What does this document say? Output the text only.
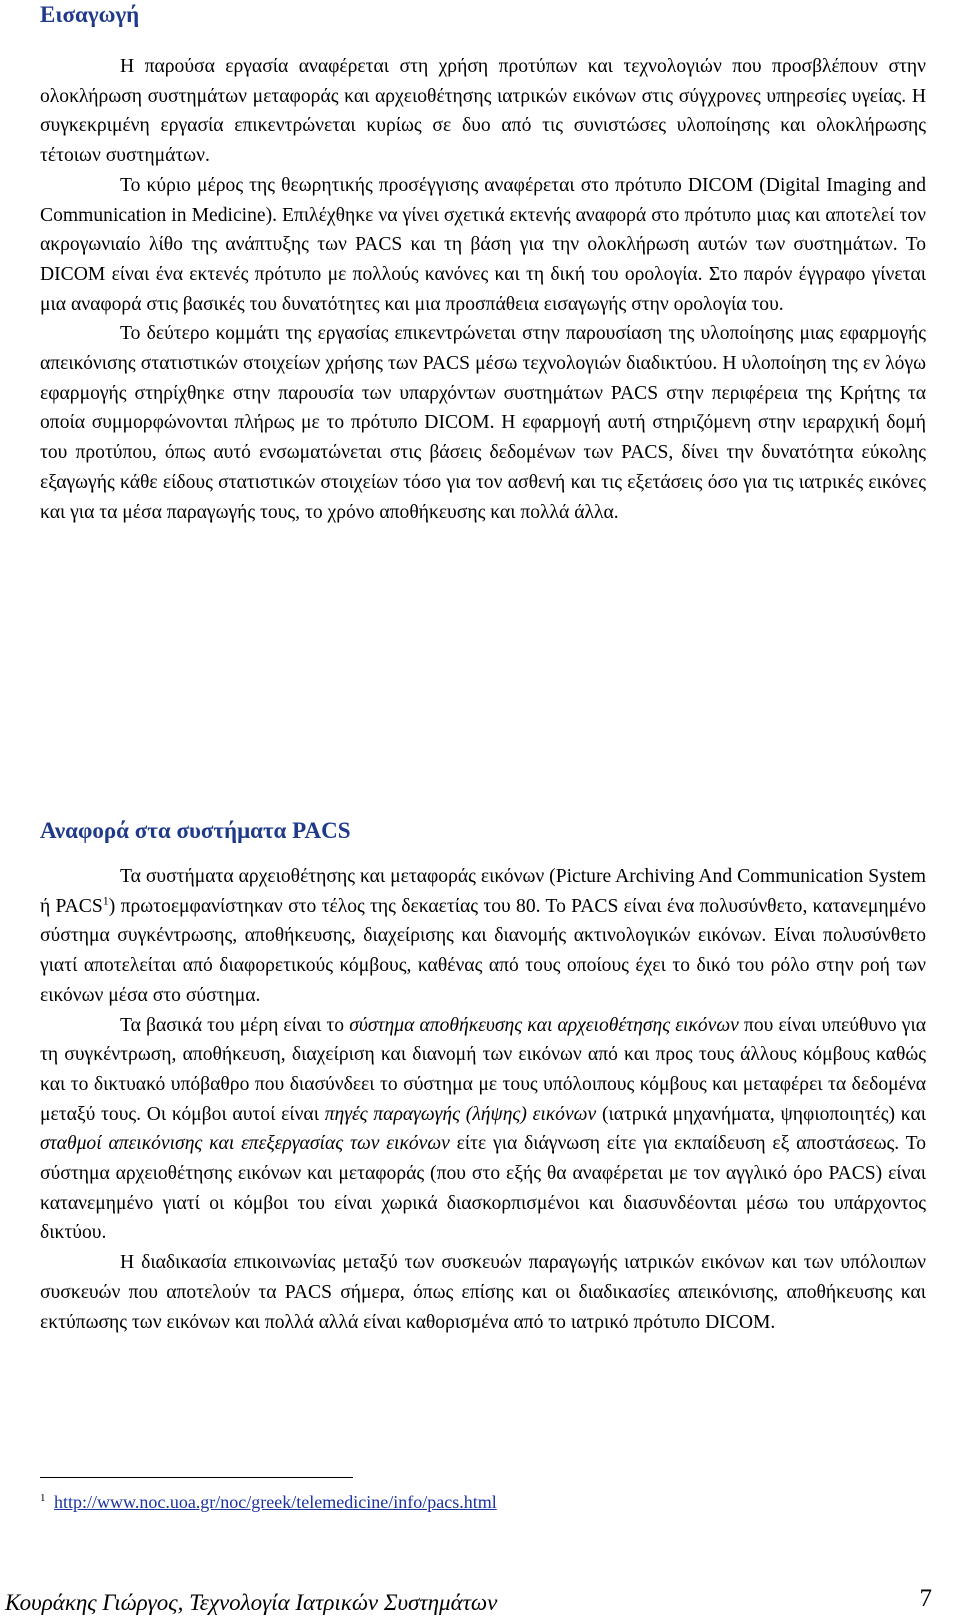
Εισαγωγή

Η παρούσα εργασία αναφέρεται στη χρήση προτύπων και τεχνολογιών που προσβλέπουν στην ολοκλήρωση συστημάτων μεταφοράς και αρχειοθέτησης ιατρικών εικόνων στις σύγχρονες υπηρεσίες υγείας. Η συγκεκριμένη εργασία επικεντρώνεται κυρίως σε δυο από τις συνιστώσες υλοποίησης και ολοκλήρωσης τέτοιων συστημάτων.

Το κύριο μέρος της θεωρητικής προσέγγισης αναφέρεται στο πρότυπο DICOM (Digital Imaging and Communication in Medicine). Επιλέχθηκε να γίνει σχετικά εκτενής αναφορά στο πρότυπο μιας και αποτελεί τον ακρογωνιαίο λίθο της ανάπτυξης των PACS και τη βάση για την ολοκλήρωση αυτών των συστημάτων. Το DICOM είναι ένα εκτενές πρότυπο με πολλούς κανόνες και τη δική του ορολογία. Στο παρόν έγγραφο γίνεται μια αναφορά στις βασικές του δυνατότητες και μια προσπάθεια εισαγωγής στην ορολογία του.

Το δεύτερο κομμάτι της εργασίας επικεντρώνεται στην παρουσίαση της υλοποίησης μιας εφαρμογής απεικόνισης στατιστικών στοιχείων χρήσης των PACS μέσω τεχνολογιών διαδικτύου. Η υλοποίηση της εν λόγω εφαρμογής στηρίχθηκε στην παρουσία των υπαρχόντων συστημάτων PACS στην περιφέρεια της Κρήτης τα οποία συμμορφώνονται πλήρως με το πρότυπο DICOM. Η εφαρμογή αυτή στηριζόμενη στην ιεραρχική δομή του προτύπου, όπως αυτό ενσωματώνεται στις βάσεις δεδομένων των PACS, δίνει την δυνατότητα εύκολης εξαγωγής κάθε είδους στατιστικών στοιχείων τόσο για τον ασθενή και τις εξετάσεις όσο για τις ιατρικές εικόνες και για τα μέσα παραγωγής τους, το χρόνο αποθήκευσης και πολλά άλλα.

Αναφορά στα συστήματα PACS

Τα συστήματα αρχειοθέτησης και μεταφοράς εικόνων (Picture Archiving And Communication System ή PACS$^1$) πρωτοεμφανίστηκαν στο τέλος της δεκαετίας του 80. Το PACS είναι ένα πολυσύνθετο, κατανεμημένο σύστημα συγκέντρωσης, αποθήκευσης, διαχείρισης και διανομής ακτινολογικών εικόνων. Είναι πολυσύνθετο γιατί αποτελείται από διαφορετικούς κόμβους, καθένας από τους οποίους έχει το δικό του ρόλο στην ροή των εικόνων μέσα στο σύστημα.

Τα βασικά του μέρη είναι το σύστημα αποθήκευσης και αρχειοθέτησης εικόνων που είναι υπεύθυνο για τη συγκέντρωση, αποθήκευση, διαχείριση και διανομή των εικόνων από και προς τους άλλους κόμβους καθώς και το δικτυακό υπόβαθρο που διασύνδεει το σύστημα με τους υπόλοιπους κόμβους και μεταφέρει τα δεδομένα μεταξύ τους. Οι κόμβοι αυτοί είναι πηγές παραγωγής (λήψης) εικόνων (ιατρικά μηχανήματα, ψηφιοποιητές) και σταθμοί απεικόνισης και επεξεργασίας των εικόνων είτε για διάγνωση είτε για εκπαίδευση εξ αποστάσεως. Το σύστημα αρχειοθέτησης εικόνων και μεταφοράς (που στο εξής θα αναφέρεται με τον αγγλικό όρο PACS) είναι κατανεμημένο γιατί οι κόμβοι του είναι χωρικά διασκορπισμένοι και διασυνδέονται μέσω του υπάρχοντος δικτύου.

Η διαδικασία επικοινωνίας μεταξύ των συσκευών παραγωγής ιατρικών εικόνων και των υπόλοιπων συσκευών που αποτελούν τα PACS σήμερα, όπως επίσης και οι διαδικασίες απεικόνισης, αποθήκευσης και εκτύπωσης των εικόνων και πολλά αλλά είναι καθορισμένα από το ιατρικό πρότυπο DICOM.

$^1$ http://www.noc.uoa.gr/noc/greek/telemedicine/info/pacs.html
Κουράκης Γιώργος, Τεχνολογία Ιατρικών Συστημάτων	7
